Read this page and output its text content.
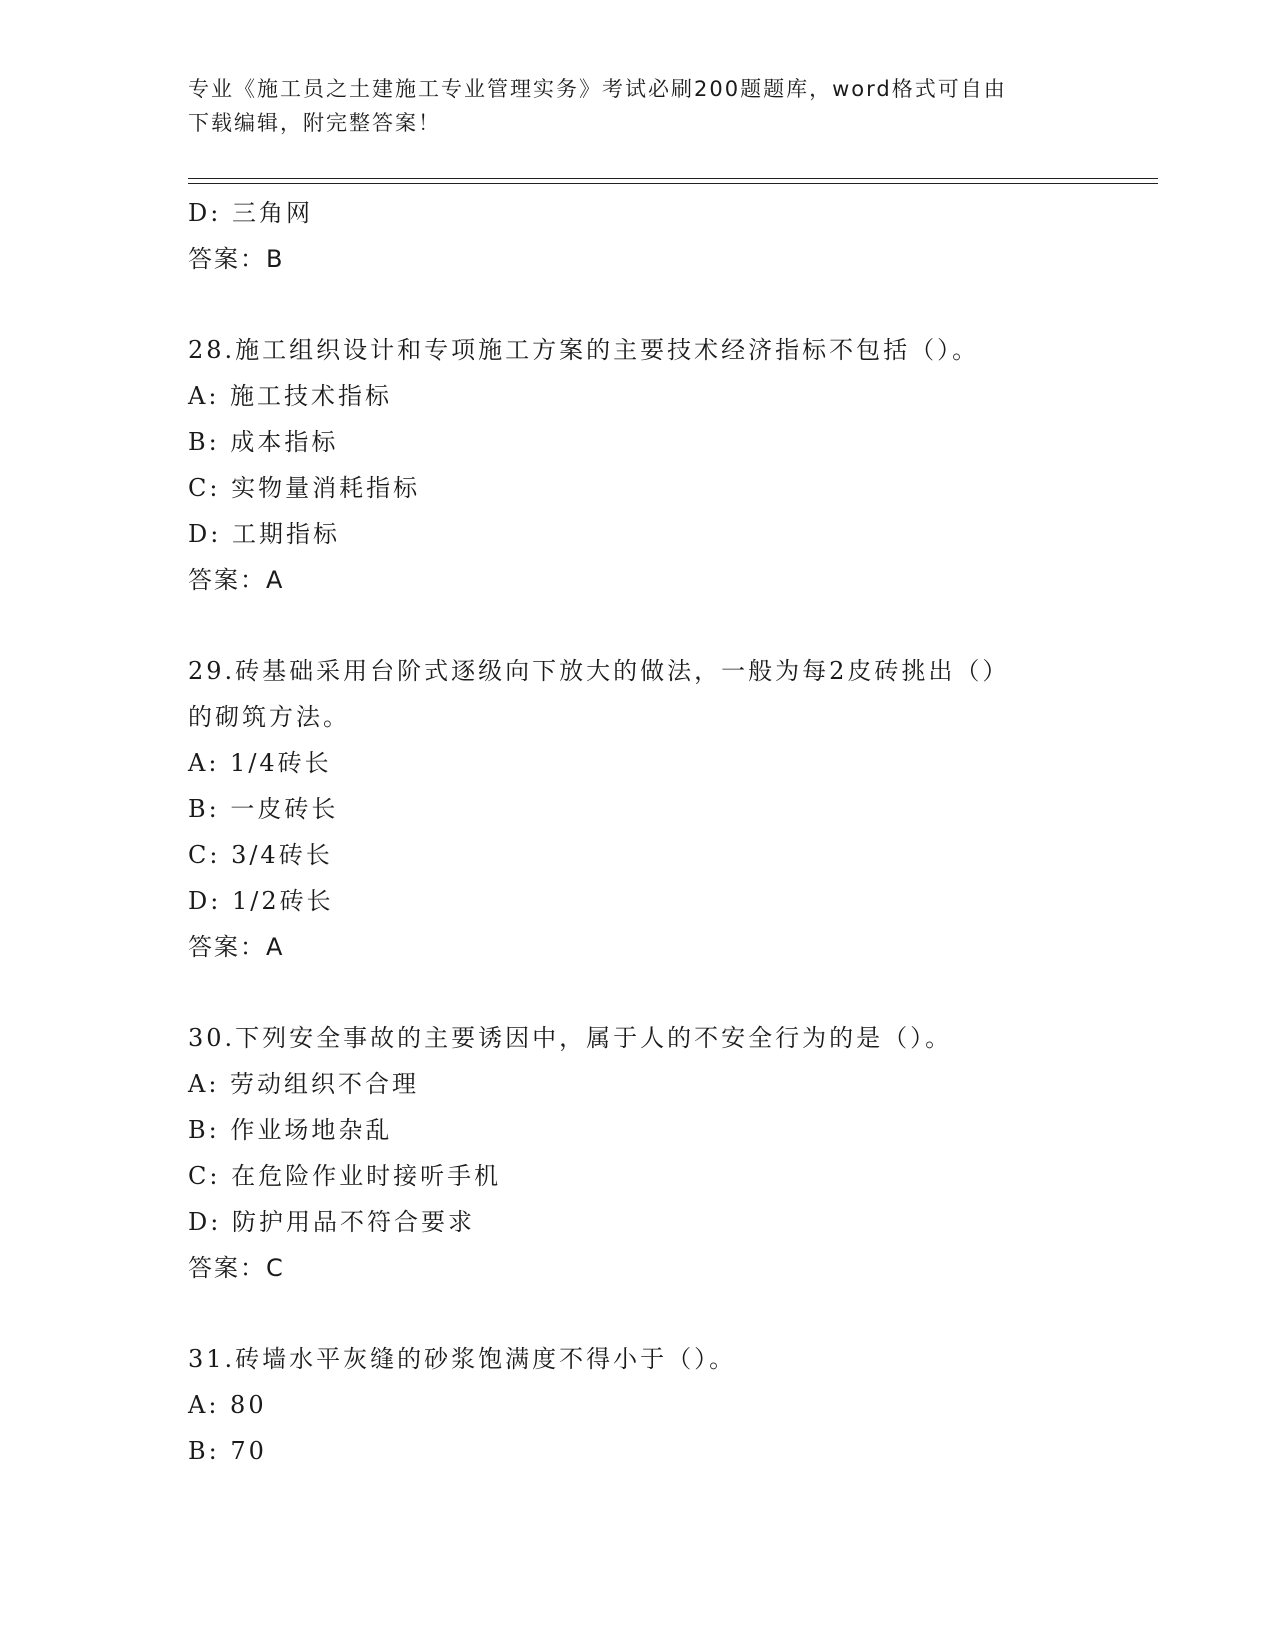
专业《施工员之土建施工专业管理实务》考试必刷200题题库，word格式可自由
下载编辑，附完整答案！
D: 三角网
答案：B
28.施工组织设计和专项施工方案的主要技术经济指标不包括（）。
A: 施工技术指标
B: 成本指标
C: 实物量消耗指标
D: 工期指标
答案：A
29.砖基础采用台阶式逐级向下放大的做法，一般为每2皮砖挑出（）
的砌筑方法。
A: 1/4砖长
B: 一皮砖长
C: 3/4砖长
D: 1/2砖长
答案：A
30.下列安全事故的主要诱因中，属于人的不安全行为的是（）。
A: 劳动组织不合理
B: 作业场地杂乱
C: 在危险作业时接听手机
D: 防护用品不符合要求
答案：C
31.砖墙水平灰缝的砂浆饱满度不得小于（）。
A: 80
B: 70
